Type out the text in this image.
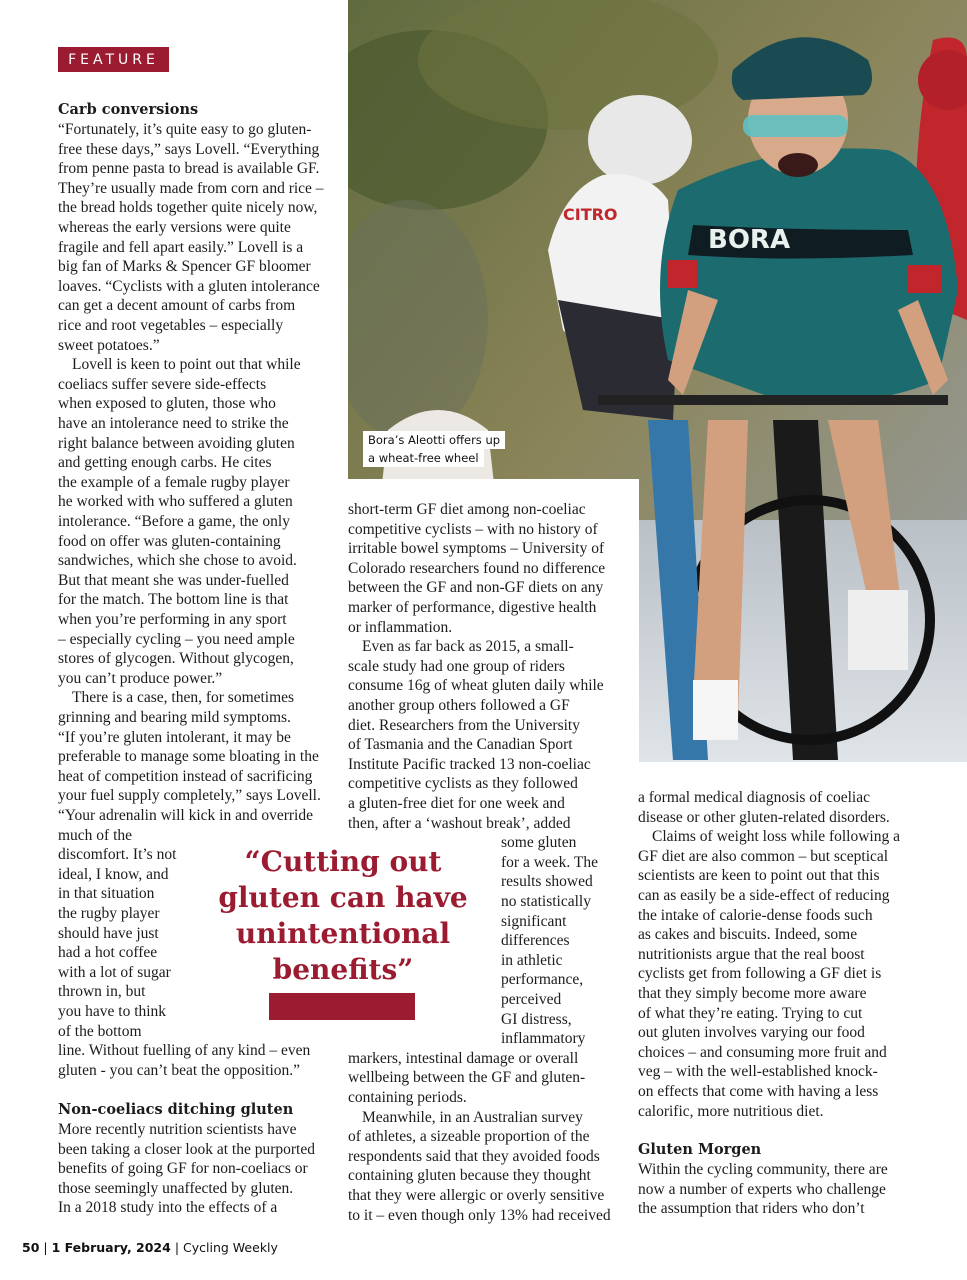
FEATURE
CITRO
BORA
Bora’s Aleotti offers up
a wheat-free wheel
Carb conversions
“Fortunately, it’s quite easy to go gluten-
free these days,” says Lovell. “Everything
from penne pasta to bread is available GF.
They’re usually made from corn and rice –
the bread holds together quite nicely now,
whereas the early versions were quite
fragile and fell apart easily.” Lovell is a
big fan of Marks & Spencer GF bloomer
loaves. “Cyclists with a gluten intolerance
can get a decent amount of carbs from
rice and root vegetables – especially
sweet potatoes.”
Lovell is keen to point out that while
coeliacs suffer severe side-effects
when exposed to gluten, those who
have an intolerance need to strike the
right balance between avoiding gluten
and getting enough carbs. He cites
the example of a female rugby player
he worked with who suffered a gluten
intolerance. “Before a game, the only
food on offer was gluten-containing
sandwiches, which she chose to avoid.
But that meant she was under-fuelled
for the match. The bottom line is that
when you’re performing in any sport
– especially cycling – you need ample
stores of glycogen. Without glycogen,
you can’t produce power.”
There is a case, then, for sometimes
grinning and bearing mild symptoms.
“If you’re gluten intolerant, it may be
preferable to manage some bloating in the
heat of competition instead of sacrificing
your fuel supply completely,” says Lovell.
“Your adrenalin will kick in and override
much of the
discomfort. It’s not
ideal, I know, and
in that situation
the rugby player
should have just
had a hot coffee
with a lot of sugar
thrown in, but
you have to think
of the bottom
line. Without fuelling of any kind – even
gluten - you can’t beat the opposition.”
Non-coeliacs ditching gluten
More recently nutrition scientists have
been taking a closer look at the purported
benefits of going GF for non-coeliacs or
those seemingly unaffected by gluten.
In a 2018 study into the effects of a
short-term GF diet among non-coeliac
competitive cyclists – with no history of
irritable bowel symptoms – University of
Colorado researchers found no difference
between the GF and non-GF diets on any
marker of performance, digestive health
or inflammation.
Even as far back as 2015, a small-
scale study had one group of riders
consume 16g of wheat gluten daily while
another group others followed a GF
diet. Researchers from the University
of Tasmania and the Canadian Sport
Institute Pacific tracked 13 non-coeliac
competitive cyclists as they followed
a gluten-free diet for one week and
then, after a ‘washout break’, added
some gluten
for a week. The
results showed
no statistically
significant
differences
in athletic
performance,
perceived
GI distress,
inflammatory
markers, intestinal damage or overall
wellbeing between the GF and gluten-
containing periods.
Meanwhile, in an Australian survey
of athletes, a sizeable proportion of the
respondents said that they avoided foods
containing gluten because they thought
that they were allergic or overly sensitive
to it – even though only 13% had received
a formal medical diagnosis of coeliac
disease or other gluten-related disorders.
Claims of weight loss while following a
GF diet are also common – but sceptical
scientists are keen to point out that this
can as easily be a side-effect of reducing
the intake of calorie-dense foods such
as cakes and biscuits. Indeed, some
nutritionists argue that the real boost
cyclists get from following a GF diet is
that they simply become more aware
of what they’re eating. Trying to cut
out gluten involves varying our food
choices – and consuming more fruit and
veg – with the well-established knock-
on effects that come with having a less
calorific, more nutritious diet.
Gluten Morgen
Within the cycling community, there are
now a number of experts who challenge
the assumption that riders who don’t
“Cutting out
gluten can have
unintentional
benefits”
50 | 1 February, 2024 | Cycling Weekly
